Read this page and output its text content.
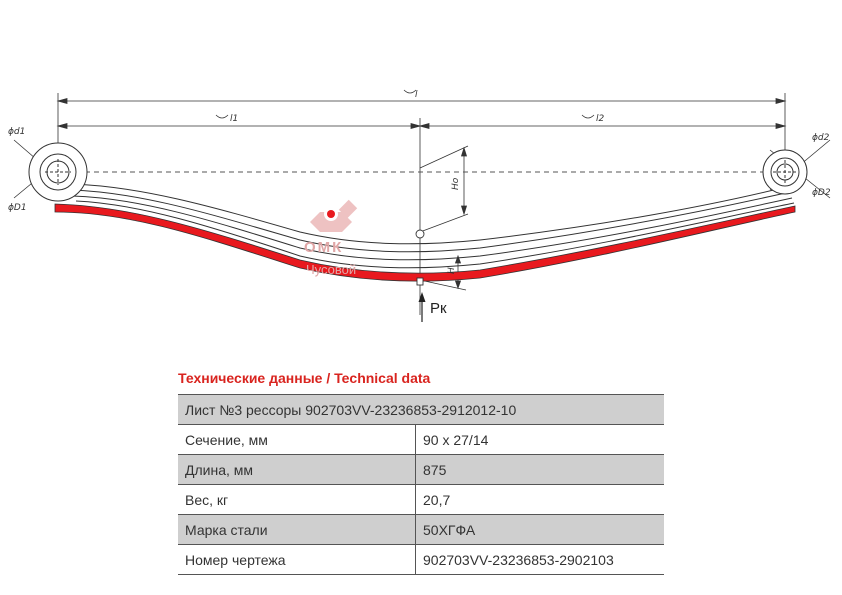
l
l1	l2
ϕd1
ϕD1
ϕd2
ϕD2
Hо
H
Pк
ОМК
Чусовой
Технические данные / Technical data
Лист №3 рессоры 902703VV-23236853-2912012-10	
Сечение, мм	90 х 27/14
Длина, мм	875
Вес, кг	20,7
Марка стали	50ХГФА
Номер чертежа	902703VV-23236853-2902103
